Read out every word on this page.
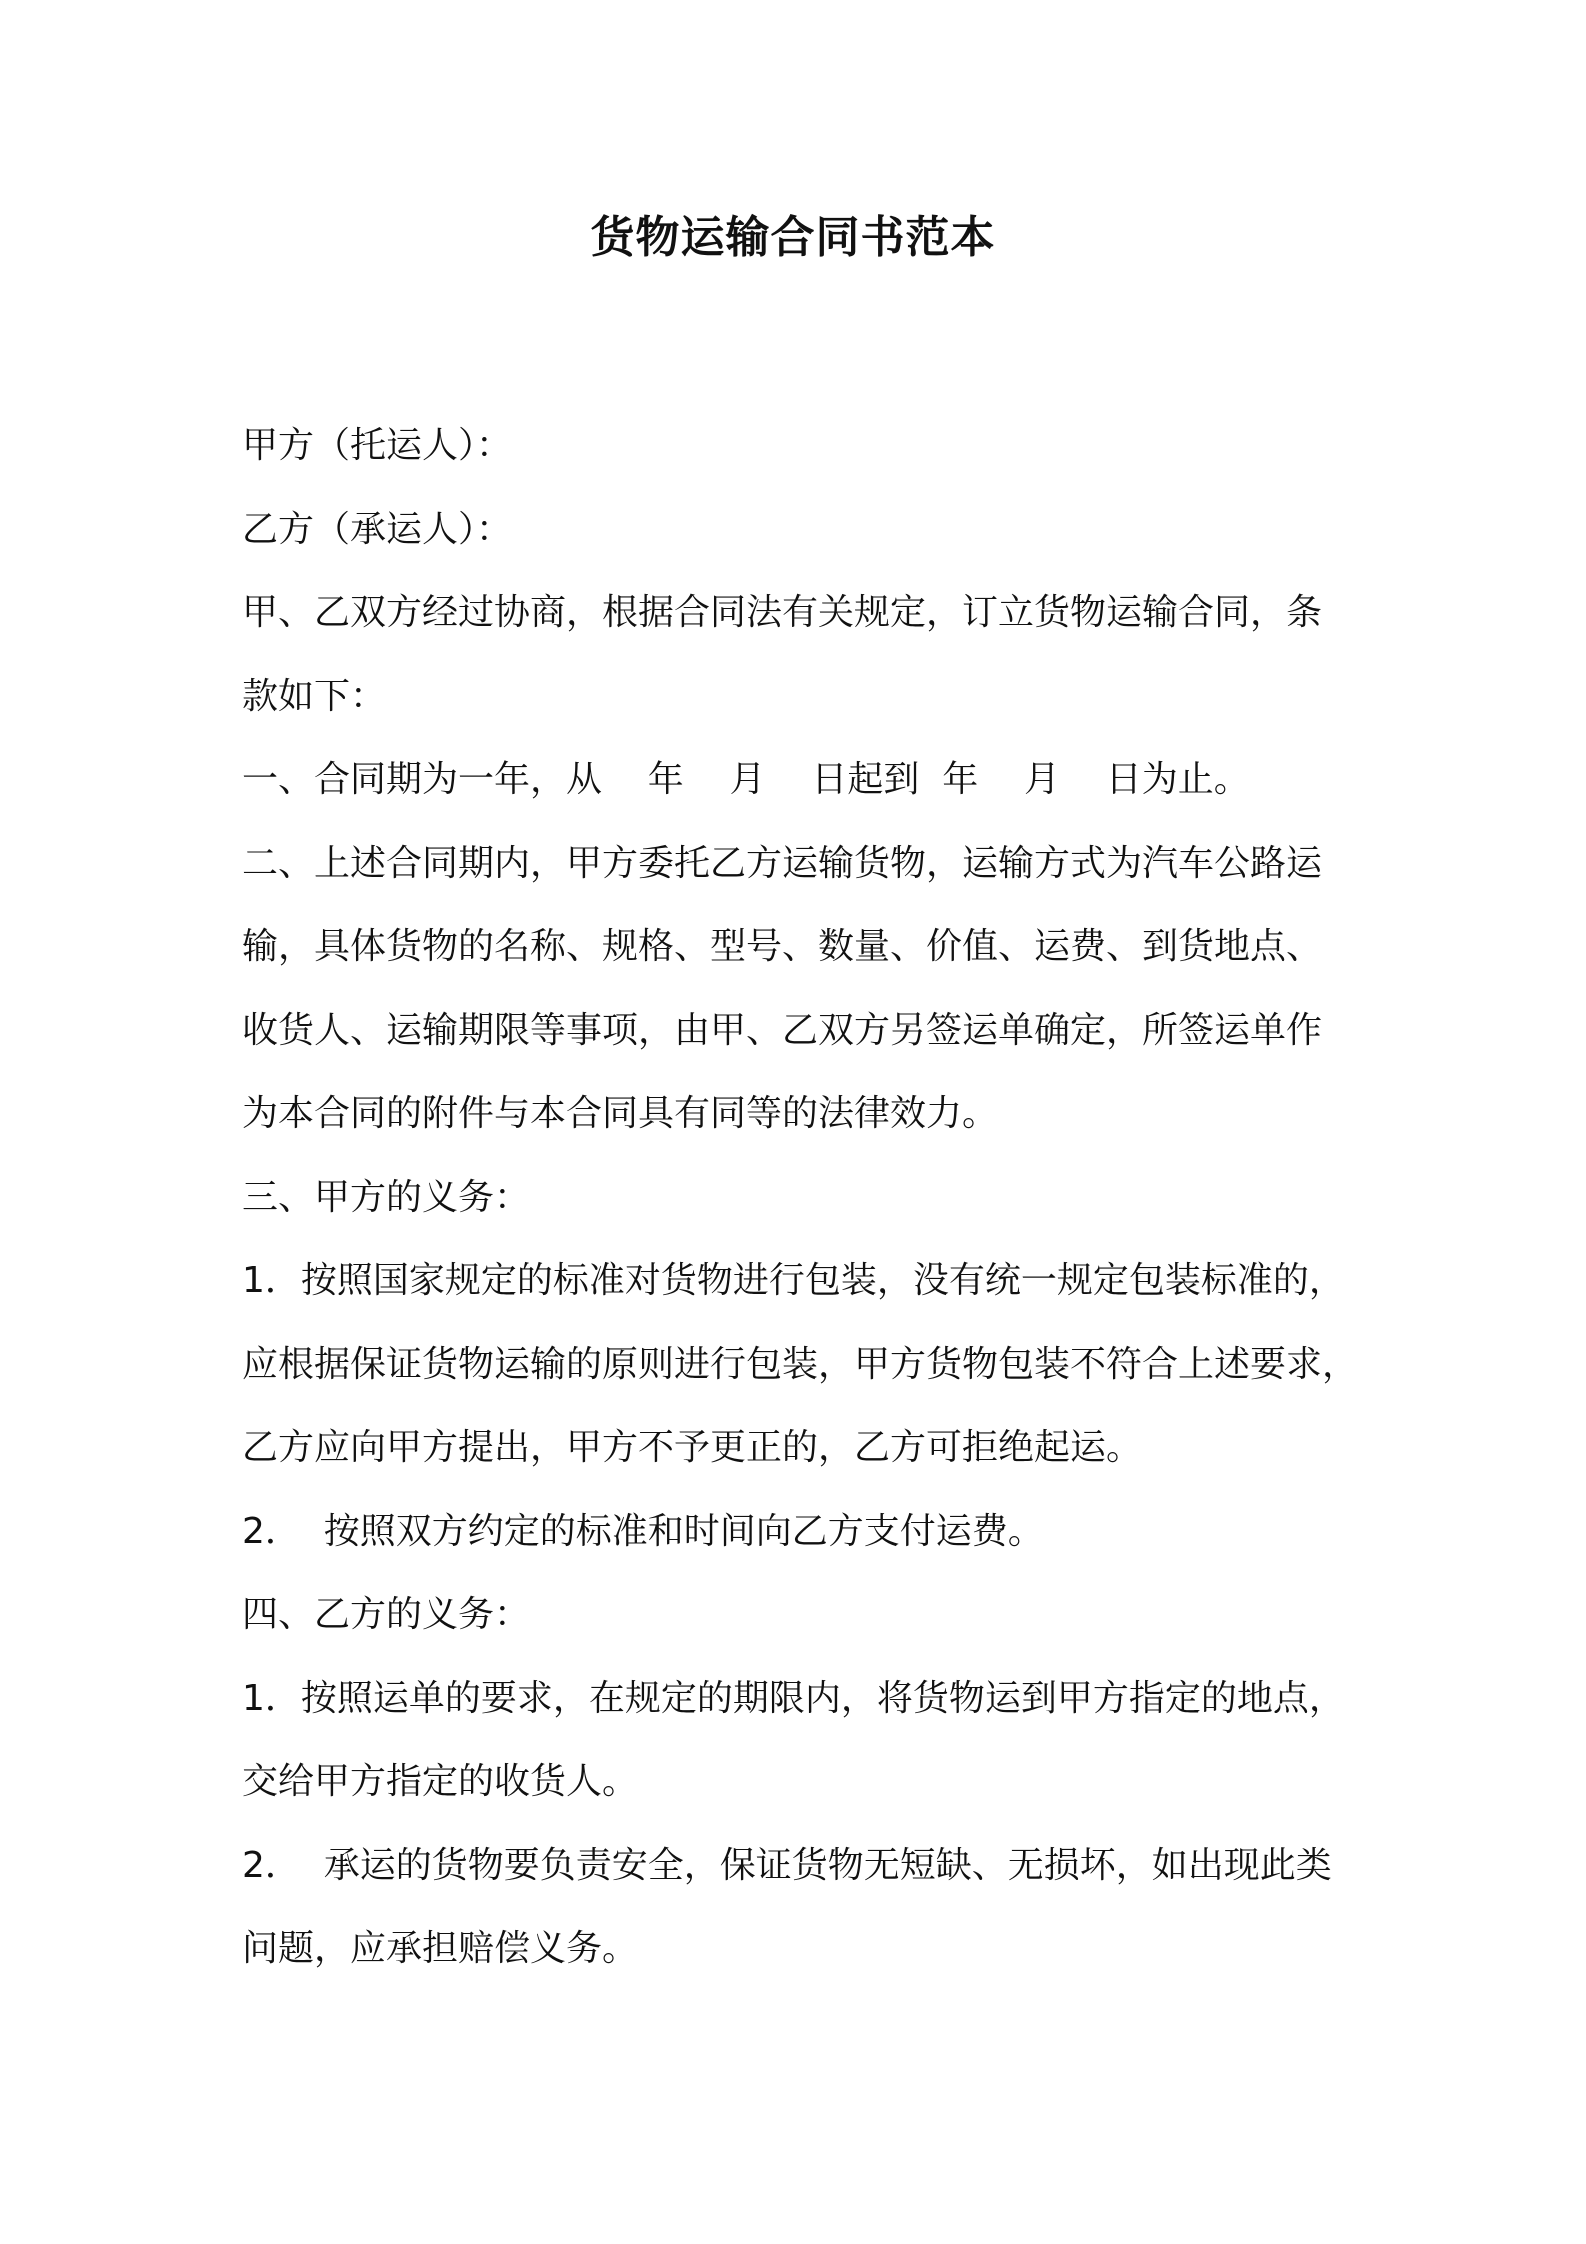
货物运输合同书范本

甲方（托运人）：

乙方（承运人）：

甲、乙双方经过协商，根据合同法有关规定，订立货物运输合同，条

款如下：

一、合同期为一年，从    年    月    日起到  年    月    日为止。

二、上述合同期内，甲方委托乙方运输货物，运输方式为汽车公路运

输，具体货物的名称、规格、型号、数量、价值、运费、到货地点、

收货人、运输期限等事项，由甲、乙双方另签运单确定，所签运单作

为本合同的附件与本合同具有同等的法律效力。

三、甲方的义务：

1．按照国家规定的标准对货物进行包装，没有统一规定包装标准的，

应根据保证货物运输的原则进行包装，甲方货物包装不符合上述要求，

乙方应向甲方提出，甲方不予更正的，乙方可拒绝起运。

2．  按照双方约定的标准和时间向乙方支付运费。

四、乙方的义务：

1．按照运单的要求，在规定的期限内，将货物运到甲方指定的地点，

交给甲方指定的收货人。

2．  承运的货物要负责安全，保证货物无短缺、无损坏，如出现此类

问题，应承担赔偿义务。
